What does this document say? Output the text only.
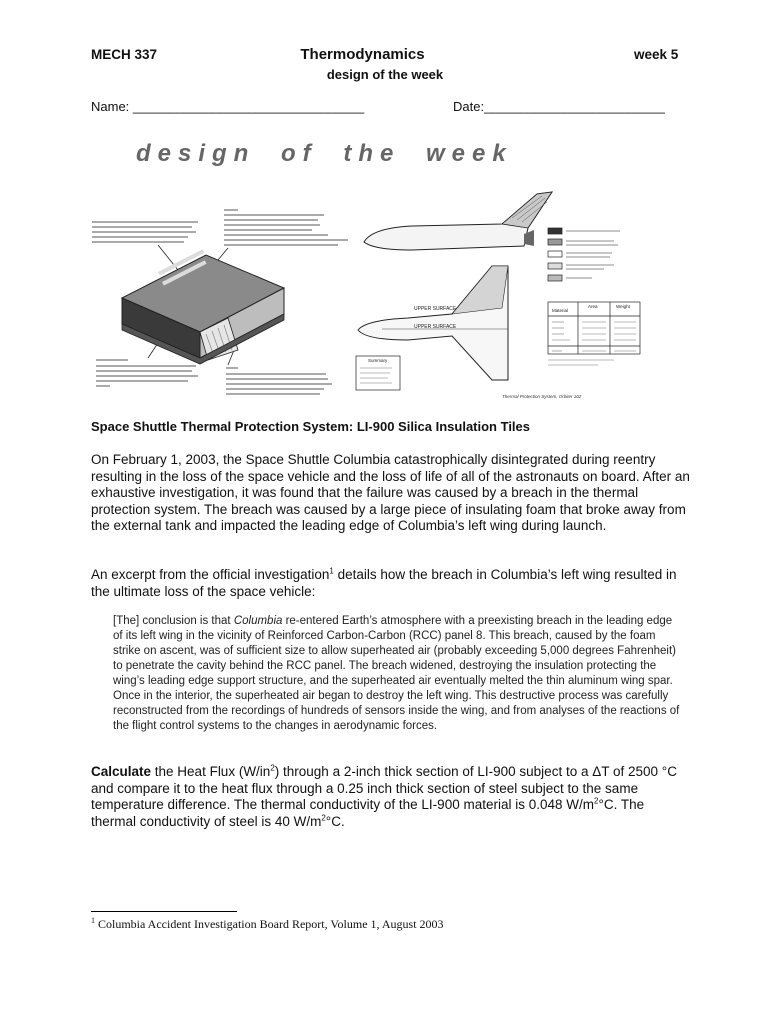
MECH 337	Thermodynamics	week 5
design of the week
Name: ________________________________	Date:_________________________
design of the week
UPPER SURFACE
UPPER SURFACE
Material
Area	Weight
Summary
Thermal Protection System, Orbiter 102
Space Shuttle Thermal Protection System: LI-900 Silica Insulation Tiles
On February 1, 2003, the Space Shuttle Columbia catastrophically disintegrated during reentry resulting in the loss of the space vehicle and the loss of life of all of the astronauts on board. After an exhaustive investigation, it was found that the failure was caused by a breach in the thermal protection system. The breach was caused by a large piece of insulating foam that broke away from the external tank and impacted the leading edge of Columbia’s left wing during launch.
An excerpt from the official investigation$^1$ details how the breach in Columbia’s left wing resulted in the ultimate loss of the space vehicle:
[The] conclusion is that Columbia re-entered Earth’s atmosphere with a preexisting breach in the leading edge of its left wing in the vicinity of Reinforced Carbon-Carbon (RCC) panel 8. This breach, caused by the foam strike on ascent, was of sufficient size to allow superheated air (probably exceeding 5,000 degrees Fahrenheit) to penetrate the cavity behind the RCC panel. The breach widened, destroying the insulation protecting the wing’s leading edge support structure, and the superheated air eventually melted the thin aluminum wing spar. Once in the interior, the superheated air began to destroy the left wing. This destructive process was carefully reconstructed from the recordings of hundreds of sensors inside the wing, and from analyses of the reactions of the flight control systems to the changes in aerodynamic forces.
Calculate the Heat Flux $(W/in^2)$ through a 2-inch thick section of LI-900 subject to a ΔT of 2500 °C and compare it to the heat flux through a 0.25 inch thick section of steel subject to the same temperature difference. The thermal conductivity of the LI-900 material is 0.048 $W/m^2^\circ C$. The thermal conductivity of steel is 40 $W/m^2^\circ C$.
$^1$ Columbia Accident Investigation Board Report, Volume 1, August 2003
